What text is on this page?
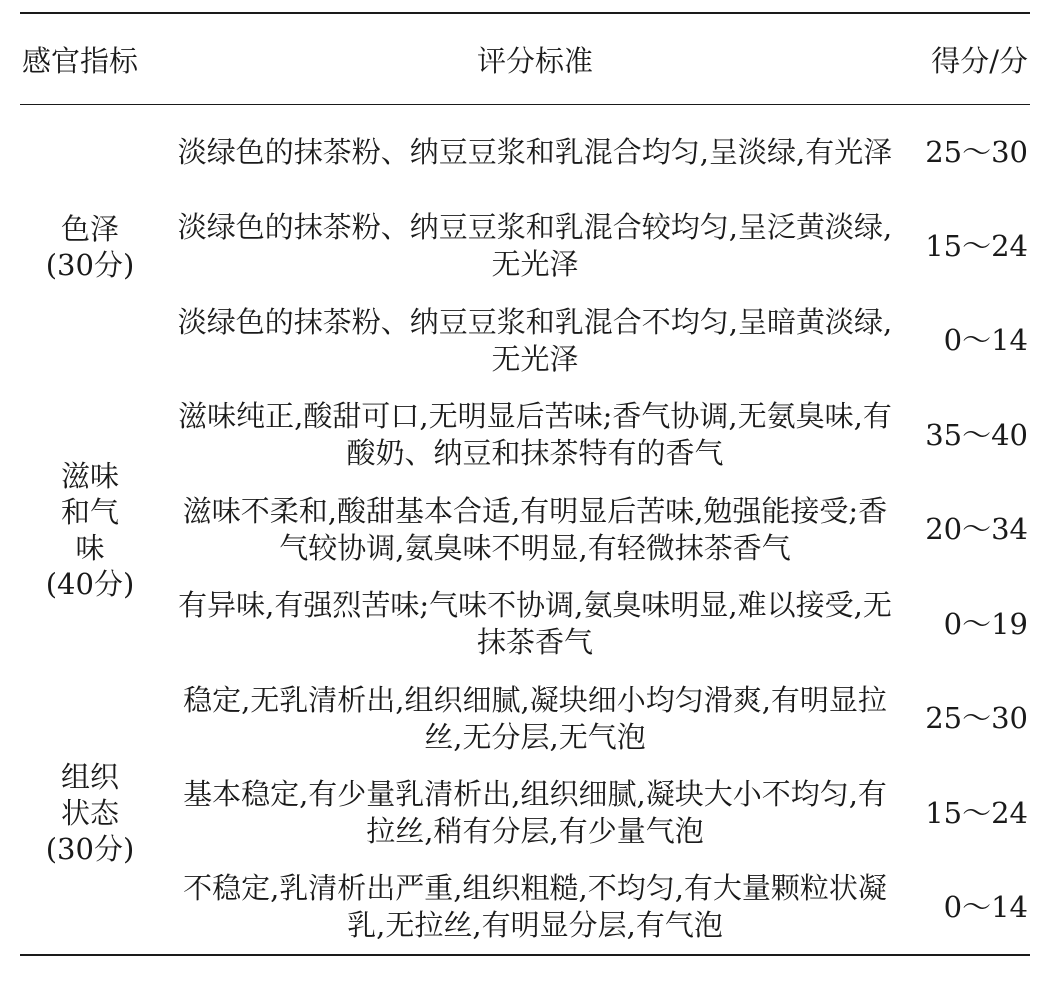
感官指标	评分标准	得分/分

色泽
(30分)	淡绿色的抹茶粉、纳豆豆浆和乳混合均匀,呈淡绿,有光泽	25～30
	淡绿色的抹茶粉、纳豆豆浆和乳混合较均匀,呈泛黄淡绿,无光泽	15～24
	淡绿色的抹茶粉、纳豆豆浆和乳混合不均匀,呈暗黄淡绿,无光泽	0～14

滋味和气味
(40分)	滋味纯正,酸甜可口,无明显后苦味;香气协调,无氨臭味,有酸奶、纳豆和抹茶特有的香气	35～40
	滋味不柔和,酸甜基本合适,有明显后苦味,勉强能接受;香气较协调,氨臭味不明显,有轻微抹茶香气	20～34
	有异味,有强烈苦味;气味不协调,氨臭味明显,难以接受,无抹茶香气	0～19

组织状态
(30分)	稳定,无乳清析出,组织细腻,凝块细小均匀滑爽,有明显拉丝,无分层,无气泡	25～30
	基本稳定,有少量乳清析出,组织细腻,凝块大小不均匀,有拉丝,稍有分层,有少量气泡	15～24
	不稳定,乳清析出严重,组织粗糙,不均匀,有大量颗粒状凝乳,无拉丝,有明显分层,有气泡	0～14
